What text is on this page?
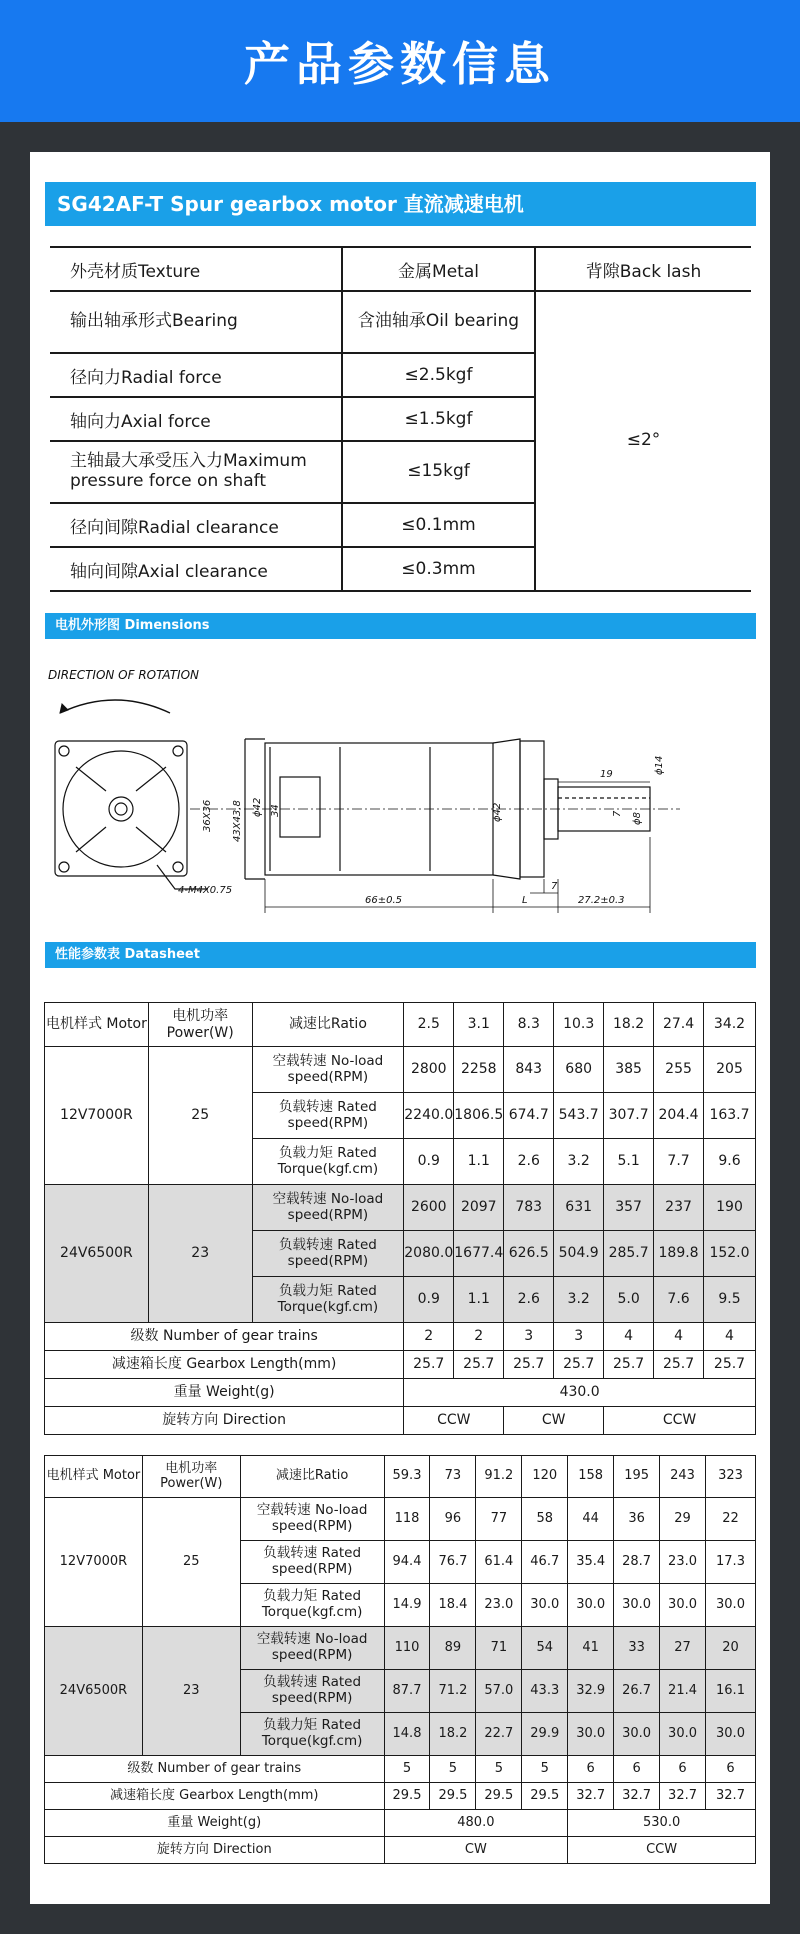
产品参数信息
SG42AF-T Spur gearbox motor 直流减速电机
外壳材质Texture	金属Metal	背隙Back lash
输出轴承形式Bearing	含油轴承Oil bearing	≤2°
径向力Radial force	≤2.5kgf	
轴向力Axial force	≤1.5kgf	
主轴最大承受压入力Maximum pressure force on shaft	≤15kgf	
径向间隙Radial clearance	≤0.1mm	
轴向间隙Axial clearance	≤0.3mm	
电机外形图 Dimensions
DIRECTION OF ROTATION
4-M4X0.75
36X36 43X43.8 ϕ42 34	ϕ42	ϕ8
7
ϕ14
66±0.5	L	27.2±0.3
7
19
性能参数表 Datasheet
电机样式 Motor	电机功率 Power(W)	减速比Ratio	2.5	3.1	8.3	10.3	18.2	27.4	34.2
12V7000R	25	空载转速 No-load speed(RPM)	2800	2258	843	680	385	255	205
		负载转速 Rated speed(RPM)	2240.0	1806.5	674.7	543.7	307.7	204.4	163.7
		负载力矩 Rated Torque(kgf.cm)	0.9	1.1	2.6	3.2	5.1	7.7	9.6
24V6500R	23	空载转速 No-load speed(RPM)	2600	2097	783	631	357	237	190
		负载转速 Rated speed(RPM)	2080.0	1677.4	626.5	504.9	285.7	189.8	152.0
		负载力矩 Rated Torque(kgf.cm)	0.9	1.1	2.6	3.2	5.0	7.6	9.5
级数 Number of gear trains			2	2	3	3	4	4	4
减速箱长度 Gearbox Length(mm)			25.7	25.7	25.7	25.7	25.7	25.7	25.7
重量 Weight(g)			430.0						
旋转方向 Direction			CCW		CW		CCW		
电机样式 Motor	电机功率 Power(W)	减速比Ratio	59.3	73	91.2	120	158	195	243	323
12V7000R	25	空载转速 No-load speed(RPM)	118	96	77	58	44	36	29	22
		负载转速 Rated speed(RPM)	94.4	76.7	61.4	46.7	35.4	28.7	23.0	17.3
		负载力矩 Rated Torque(kgf.cm)	14.9	18.4	23.0	30.0	30.0	30.0	30.0	30.0
24V6500R	23	空载转速 No-load speed(RPM)	110	89	71	54	41	33	27	20
		负载转速 Rated speed(RPM)	87.7	71.2	57.0	43.3	32.9	26.7	21.4	16.1
		负载力矩 Rated Torque(kgf.cm)	14.8	18.2	22.7	29.9	30.0	30.0	30.0	30.0
级数 Number of gear trains			5	5	5	5	6	6	6	6
减速箱长度 Gearbox Length(mm)			29.5	29.5	29.5	29.5	32.7	32.7	32.7	32.7
重量 Weight(g)			480.0				530.0			
旋转方向 Direction			CW				CCW			
